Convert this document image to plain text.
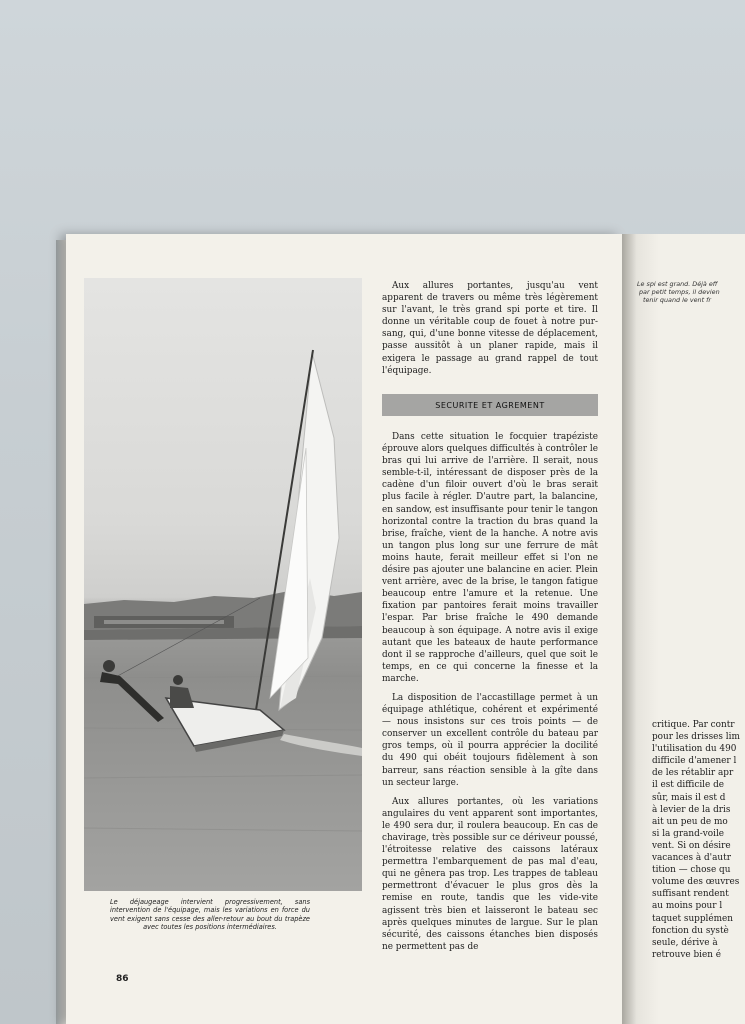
Le déjaugeage intervient progressivement, sans intervention de l'équipage, mais les variations en force du vent exigent sans cesse des aller-retour au bout du trapèze avec toutes les positions intermédiaires.

Aux allures portantes, jusqu'au vent apparent de travers ou même très légèrement sur l'avant, le très grand spi porte et tire. Il donne un véritable coup de fouet à notre pur-sang, qui, d'une bonne vitesse de déplacement, passe aussitôt à un planer rapide, mais il exigera le passage au grand rappel de tout l'équipage.

SECURITE ET AGREMENT

Dans cette situation le focquier trapéziste éprouve alors quelques difficultés à contrôler le bras qui lui arrive de l'arrière. Il serait, nous semble-t-il, intéressant de disposer près de la cadène d'un filoir ouvert d'où le bras serait plus facile à régler. D'autre part, la balancine, en sandow, est insuffisante pour tenir le tangon horizontal contre la traction du bras quand la brise, fraîche, vient de la hanche. A notre avis un tangon plus long sur une ferrure de mât moins haute, ferait meilleur effet si l'on ne désire pas ajouter une balancine en acier. Plein vent arrière, avec de la brise, le tangon fatigue beaucoup entre l'amure et la retenue. Une fixation par pantoires ferait moins travailler l'espar. Par brise fraîche le 490 demande beaucoup à son équipage. A notre avis il exige autant que les bateaux de haute performance dont il se rapproche d'ailleurs, quel que soit le temps, en ce qui concerne la finesse et la marche.

La disposition de l'accastillage permet à un équipage athlétique, cohérent et expérimenté — nous insistons sur ces trois points — de conserver un excellent contrôle du bateau par gros temps, où il pourra apprécier la docilité du 490 qui obéit toujours fidèlement à son barreur, sans réaction sensible à la gîte dans un secteur large.

Aux allures portantes, où les variations angulaires du vent apparent sont importantes, le 490 sera dur, il roulera beaucoup. En cas de chavirage, très possible sur ce dériveur poussé, l'étroitesse relative des caissons latéraux permettra l'embarquement de pas mal d'eau, qui ne gênera pas trop. Les trappes de tableau permettront d'évacuer le plus gros dès la remise en route, tandis que les vide-vite agissent très bien et laisseront le bateau sec après quelques minutes de largue. Sur le plan sécurité, des caissons étanches bien disposés ne permettent pas de

86
Le spi est grand. Déjà eff
par petit temps, il devien
tenir quand le vent fr
critique. Par contr
pour les drisses lim
l'utilisation du 490
difficile d'amener l
de les rétablir apr
il est difficile de
sûr, mais il est d
à levier de la dris
ait un peu de mo
si la grand-voile
vent. Si on désire
vacances à d'autr
tition — chose qu
volume des œuvres
suffisant rendent
au moins pour l
taquet supplémen
fonction du systè
seule, dérive à
retrouve bien é
